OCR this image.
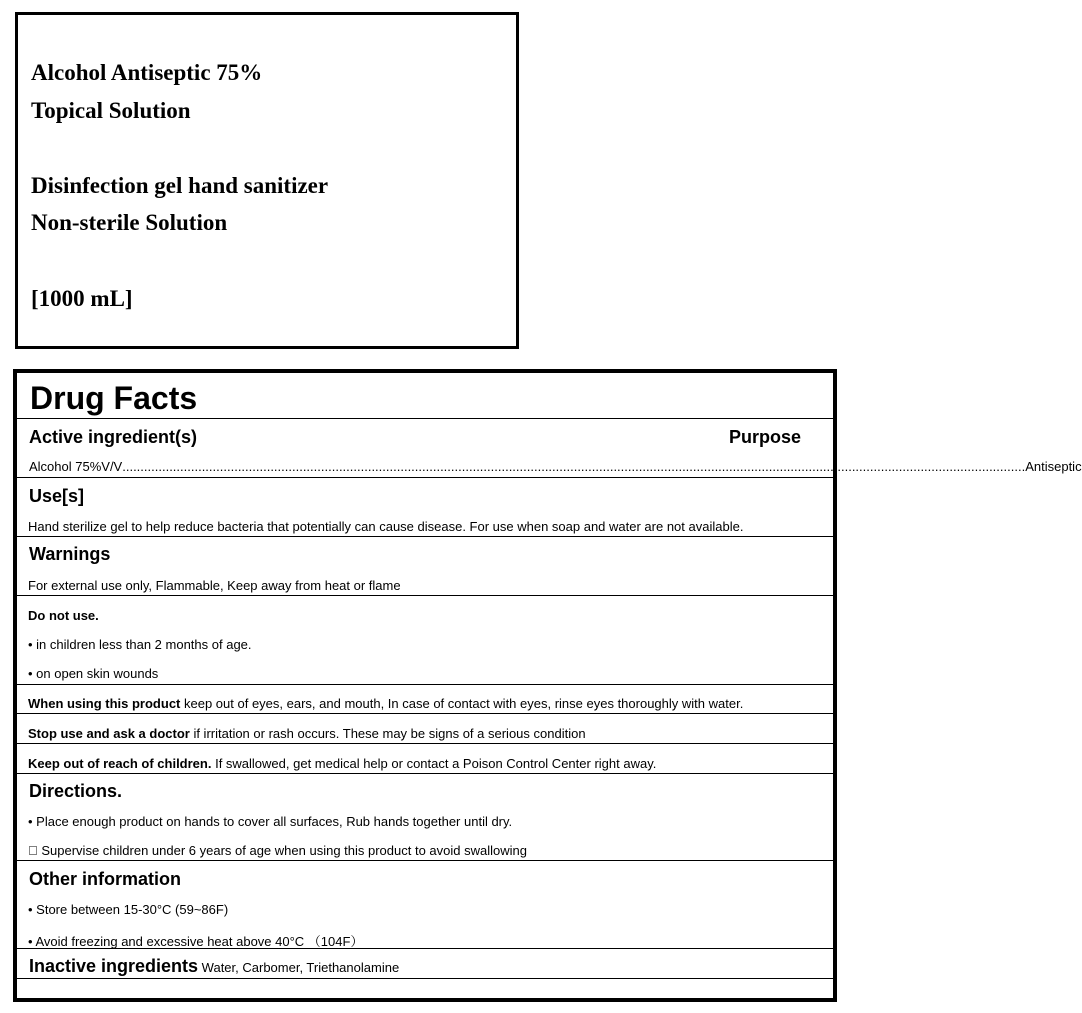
Alcohol Antiseptic 75%
Topical Solution
Disinfection gel hand sanitizer
Non-sterile Solution
[1000 mL]
Drug Facts
Active ingredient(s)	Purpose
Alcohol 75%V/V .......................................................................................................................................................................................................................................................... Antiseptic
Use[s]
Hand sterilize gel to help reduce bacteria that potentially can cause disease. For use when soap and water are not available.
Warnings
For external use only, Flammable, Keep away from heat or flame
Do not use.
• in children less than 2 months of age.
• on open skin wounds
When using this product keep out of eyes, ears, and mouth, In case of contact with eyes, rinse eyes thoroughly with water.
Stop use and ask a doctor if irritation or rash occurs. These may be signs of a serious condition
Keep out of reach of children. If swallowed, get medical help or contact a Poison Control Center right away.
Directions.
• Place enough product on hands to cover all surfaces, Rub hands together until dry.
Supervise children under 6 years of age when using this product to avoid swallowing
Other information
• Store between 15-30°C (59~86F)
• Avoid freezing and excessive heat above 40°C （104F）
Inactive ingredients Water, Carbomer, Triethanolamine
